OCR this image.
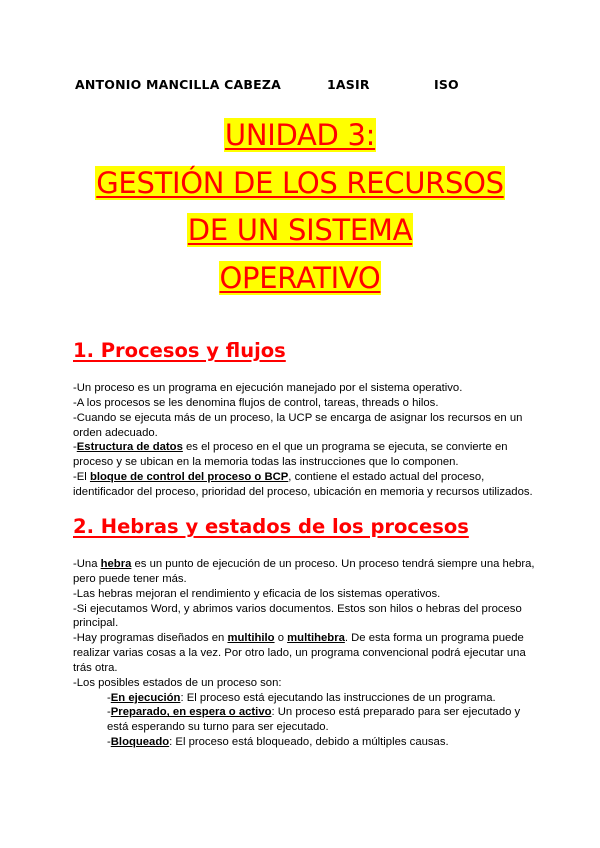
ANTONIO MANCILLA CABEZA	1ASIR	ISO
UNIDAD 3:
GESTIÓN DE LOS RECURSOS
DE UN SISTEMA
OPERATIVO
1. Procesos y flujos

-Un proceso es un programa en ejecución manejado por el sistema operativo.

-A los procesos se les denomina flujos de control, tareas, threads o hilos.

-Cuando se ejecuta más de un proceso, la UCP se encarga de asignar los recursos en un orden adecuado.

-Estructura de datos es el proceso en el que un programa se ejecuta, se convierte en proceso y se ubican en la memoria todas las instrucciones que lo componen.

-El bloque de control del proceso o BCP, contiene el estado actual del proceso, identificador del proceso, prioridad del proceso, ubicación en memoria y recursos utilizados.

2. Hebras y estados de los procesos

-Una hebra es un punto de ejecución de un proceso. Un proceso tendrá siempre una hebra, pero puede tener más.

-Las hebras mejoran el rendimiento y eficacia de los sistemas operativos.

-Si ejecutamos Word, y abrimos varios documentos. Estos son hilos o hebras del proceso principal.

-Hay programas diseñados en multihilo o multihebra. De esta forma un programa puede realizar varias cosas a la vez. Por otro lado, un programa convencional podrá ejecutar una trás otra.

-Los posibles estados de un proceso son:

-En ejecución: El proceso está ejecutando las instrucciones de un programa.

-Preparado, en espera o activo: Un proceso está preparado para ser ejecutado y está esperando su turno para ser ejecutado.

-Bloqueado: El proceso está bloqueado, debido a múltiples causas.
